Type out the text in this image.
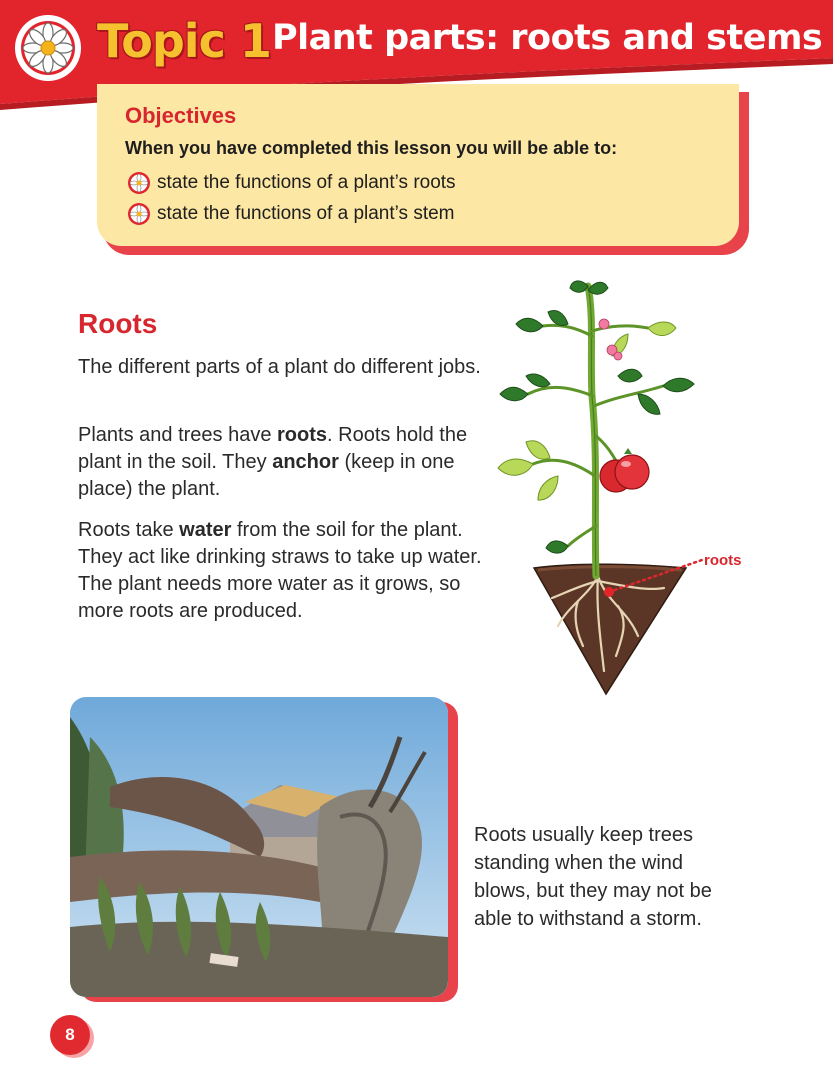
Topic 1 Plant parts: roots and stems
Objectives
When you have completed this lesson you will be able to:
state the functions of a plant’s roots
state the functions of a plant’s stem
Roots

The different parts of a plant do different jobs.

Plants and trees have roots. Roots hold the plant in the soil. They anchor (keep in one place) the plant.

Roots take water from the soil for the plant. They act like drinking straws to take up water. The plant needs more water as it grows, so more roots are produced.

roots

Roots usually keep trees standing when the wind blows, but they may not be able to withstand a storm.

8
